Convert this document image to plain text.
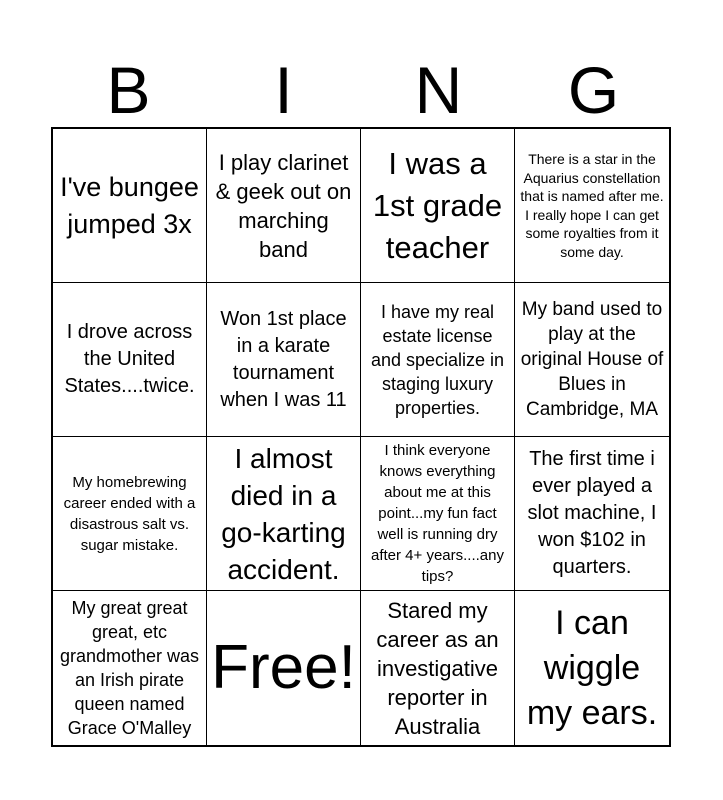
B	I	N	G
I've bungee jumped 3x
I play clarinet & geek out on marching band
I was a 1st grade teacher
There is a star in the Aquarius constellation that is named after me. I really hope I can get some royalties from it some day.
I drove across the United States....twice.
Won 1st place in a karate tournament when I was 11
I have my real estate license and specialize in staging luxury properties.
My band used to play at the original House of Blues in Cambridge, MA
My homebrewing career ended with a disastrous salt vs. sugar mistake.
I almost died in a go-karting accident.
I think everyone knows everything about me at this point...my fun fact well is running dry after 4+ years....any tips?
The first time i ever played a slot machine, I won $102 in quarters.
My great great great, etc grandmother was an Irish pirate queen named Grace O'Malley
Free!
Stared my career as an investigative reporter in Australia
I can wiggle my ears.
